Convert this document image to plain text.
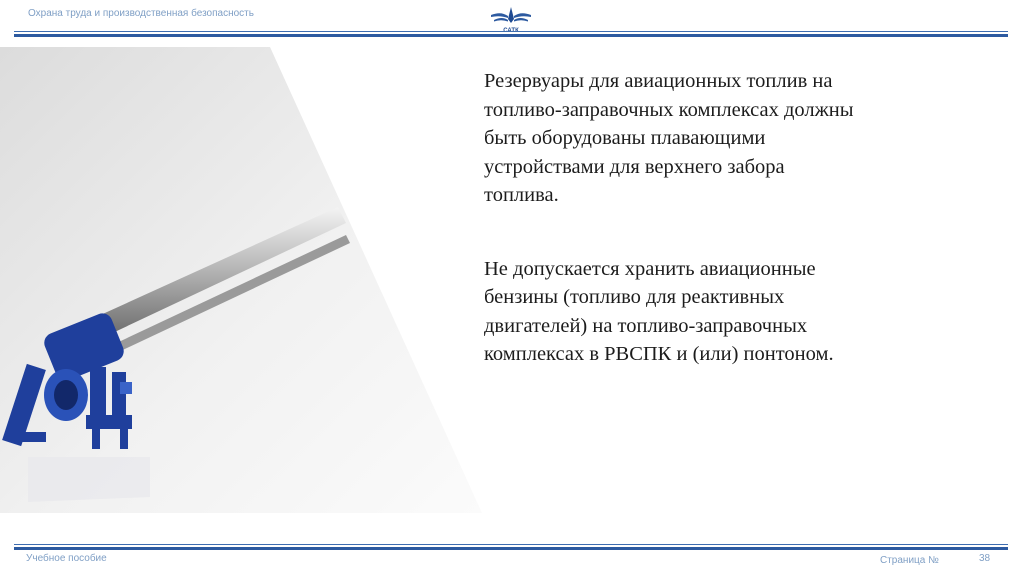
Охрана труда и производственная безопасность

Резервуары для авиационных топлив на
топливо-заправочных комплексах должны
быть оборудованы плавающими
устройствами для верхнего забора
топлива.

Не допускается хранить авиационные
бензины (топливо для реактивных
двигателей) на топливо-заправочных
комплексах в РВСПК и (или) понтоном.

Учебное пособие	Страница №	38
